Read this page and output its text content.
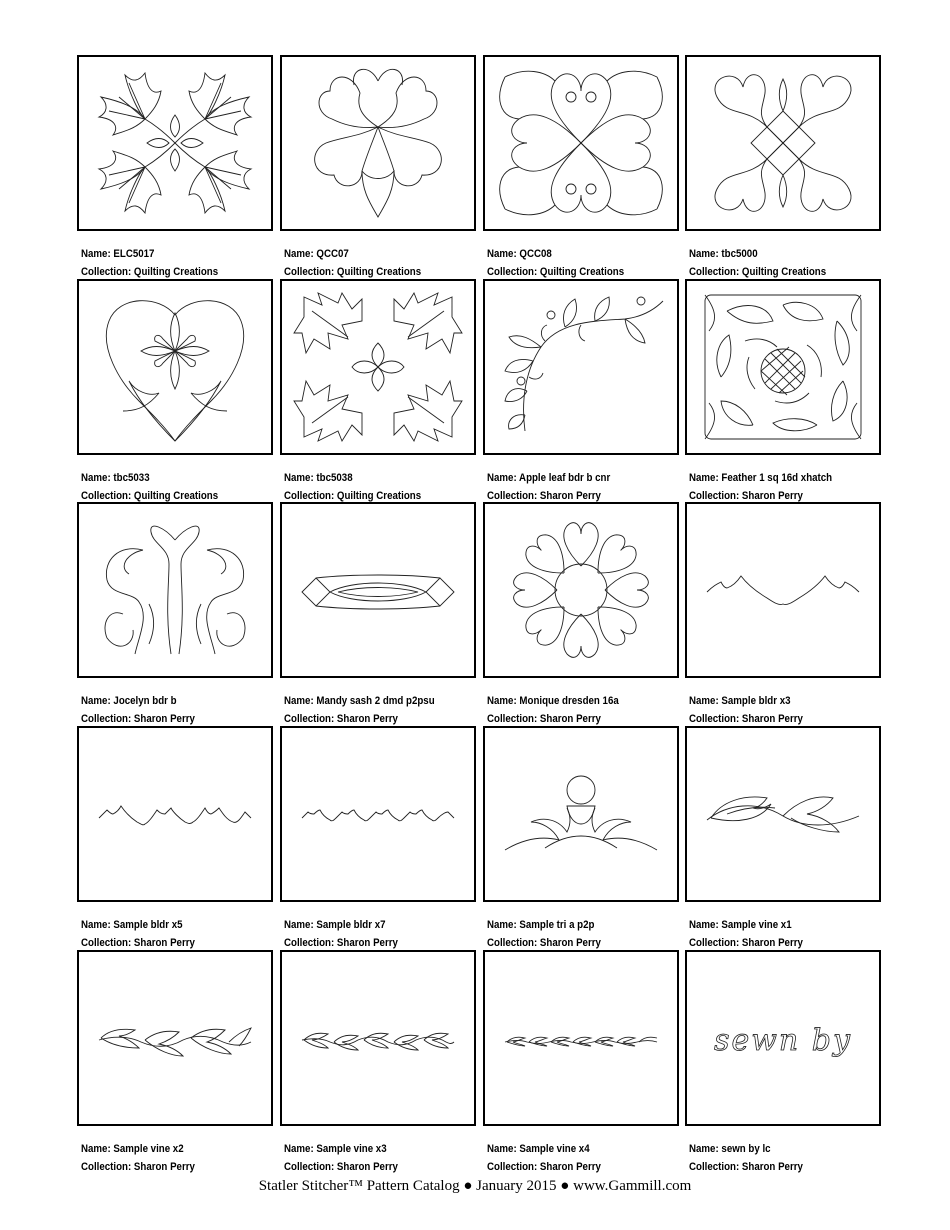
Name: ELC5017
Collection: Quilting Creations
Name: QCC07
Collection: Quilting Creations
Name: QCC08
Collection: Quilting Creations
Name: tbc5000
Collection: Quilting Creations
Name: tbc5033
Collection: Quilting Creations
Name: tbc5038
Collection: Quilting Creations
Name: Apple leaf bdr b cnr
Collection: Sharon Perry
Name: Feather 1 sq 16d xhatch
Collection: Sharon Perry
Name: Jocelyn bdr b
Collection: Sharon Perry
Name: Mandy sash 2 dmd p2psu
Collection: Sharon Perry
Name: Monique dresden 16a
Collection: Sharon Perry
Name: Sample bldr x3
Collection: Sharon Perry
Name: Sample bldr x5
Collection: Sharon Perry
Name: Sample bldr x7
Collection: Sharon Perry
Name: Sample tri a p2p
Collection: Sharon Perry
Name: Sample vine x1
Collection: Sharon Perry
Name: Sample vine x2
Collection: Sharon Perry
Name: Sample vine x3
Collection: Sharon Perry
Name: Sample vine x4
Collection: Sharon Perry
sewn by
Name: sewn by lc
Collection: Sharon Perry
Statler Stitcher™ Pattern Catalog ● January 2015 ● www.Gammill.com
